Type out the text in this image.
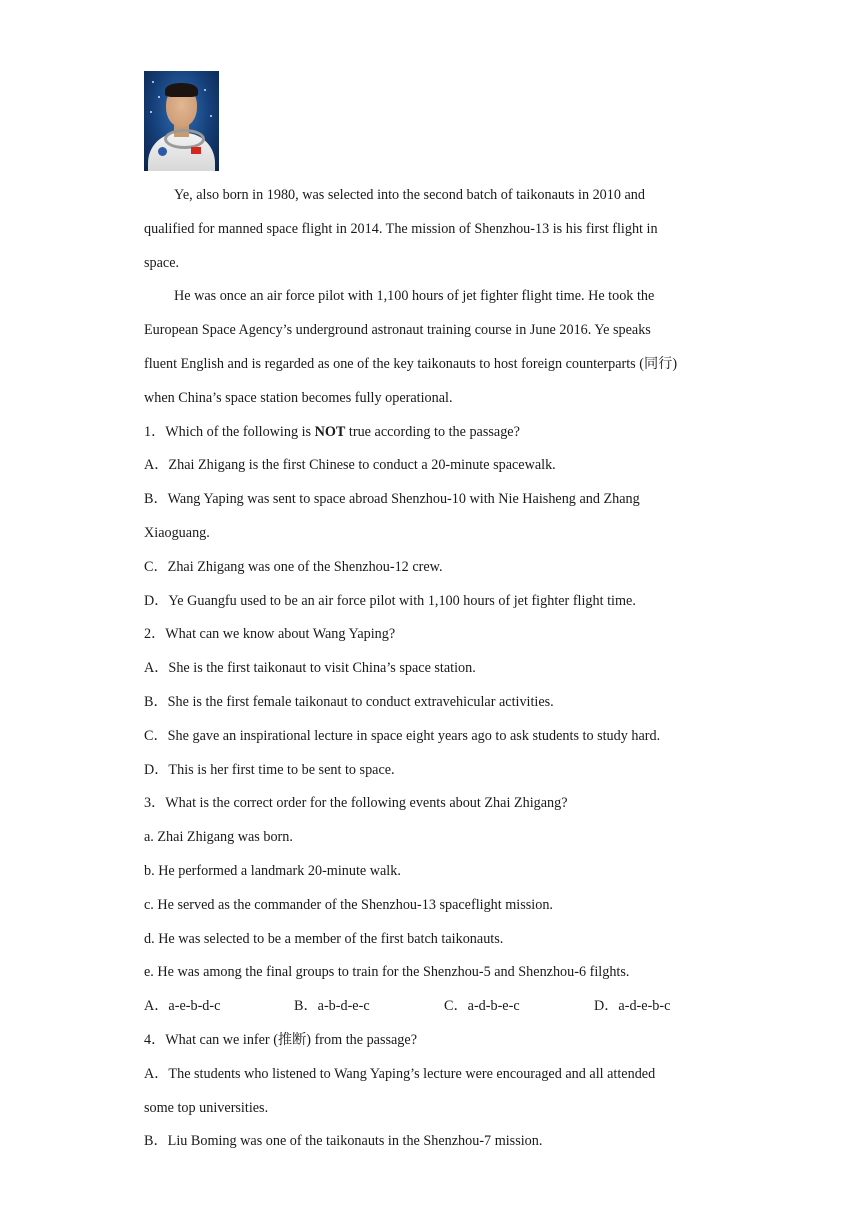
Ye, also born in 1980, was selected into the second batch of taikonauts in 2010 and

qualified for manned space flight in 2014. The mission of Shenzhou-13 is his first flight in

space.

He was once an air force pilot with 1,100 hours of jet fighter flight time. He took the

European Space Agency’s underground astronaut training course in June 2016. Ye speaks

fluent English and is regarded as one of the key taikonauts to host foreign counterparts (同行)

when China’s space station becomes fully operational.

1．Which of the following is NOT true according to the passage?

A．Zhai Zhigang is the first Chinese to conduct a 20-minute spacewalk.

B．Wang Yaping was sent to space abroad Shenzhou-10 with Nie Haisheng and Zhang

Xiaoguang.

C．Zhai Zhigang was one of the Shenzhou-12 crew.

D．Ye Guangfu used to be an air force pilot with 1,100 hours of jet fighter flight time.

2．What can we know about Wang Yaping?

A．She is the first taikonaut to visit China’s space station.

B．She is the first female taikonaut to conduct extravehicular activities.

C．She gave an inspirational lecture in space eight years ago to ask students to study hard.

D．This is her first time to be sent to space.

3．What is the correct order for the following events about Zhai Zhigang?

a. Zhai Zhigang was born.

b. He performed a landmark 20-minute walk.

c. He served as the commander of the Shenzhou-13 spaceflight mission.

d. He was selected to be a member of the first batch taikonauts.

e. He was among the final groups to train for the Shenzhou-5 and Shenzhou-6 filghts.

A．a-e-b-d-c	B．a-b-d-e-c	C．a-d-b-e-c	D．a-d-e-b-c

4．What can we infer (推断) from the passage?

A．The students who listened to Wang Yaping’s lecture were encouraged and all attended

some top universities.

B．Liu Boming was one of the taikonauts in the Shenzhou-7 mission.
